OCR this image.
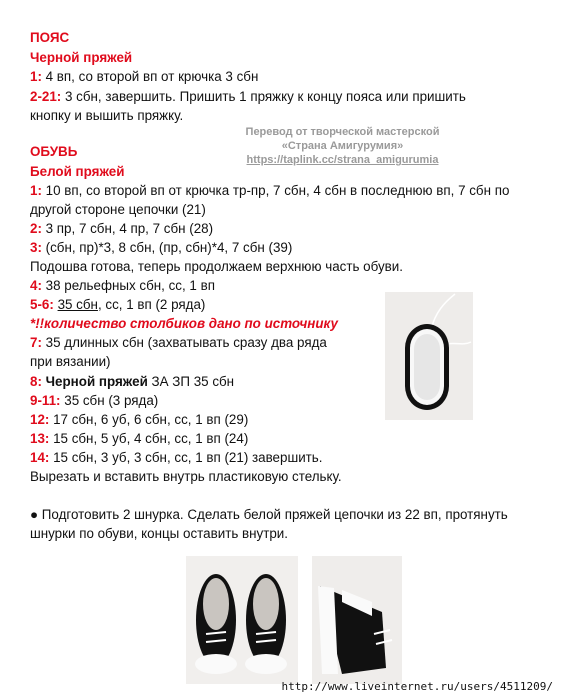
ПОЯС
Черной пряжей
1: 4 вп, со второй вп от крючка 3 сбн
2-21: 3 сбн, завершить. Пришить 1 пряжку к концу пояса или пришить
кнопку и вышить пряжку.
Перевод от творческой мастерской
«Страна Амигурумия»
https://taplink.cc/strana_amigurumia
ОБУВЬ
Белой пряжей
1: 10 вп, со второй вп от крючка тр-пр, 7 сбн, 4 сбн в последнюю вп, 7 сбн по
другой стороне цепочки (21)
2: 3 пр, 7 сбн, 4 пр, 7 сбн (28)
3: (сбн, пр)*3, 8 сбн, (пр, сбн)*4, 7 сбн (39)
Подошва готова, теперь продолжаем верхнюю часть обуви.
4: 38 рельефных сбн, сс, 1 вп
5-6: 35 сбн, сс, 1 вп (2 ряда)
*!!количество столбиков дано по источнику
7: 35 длинных сбн (захватывать сразу два ряда
при вязании)
8: Черной пряжей ЗА ЗП 35 сбн
9-11: 35 сбн (3 ряда)
12: 17 сбн, 6 уб, 6 сбн, сс, 1 вп (29)
13: 15 сбн, 5 уб, 4 сбн, сс, 1 вп (24)
14: 15 сбн, 3 уб, 3 сбн, сс, 1 вп (21) завершить.
Вырезать и вставить внутрь пластиковую стельку.
● Подготовить 2 шнурка. Сделать белой пряжей цепочки из 22 вп, протянуть
шнурки по обуви, концы оставить внутри.
http://www.liveinternet.ru/users/4511209/
